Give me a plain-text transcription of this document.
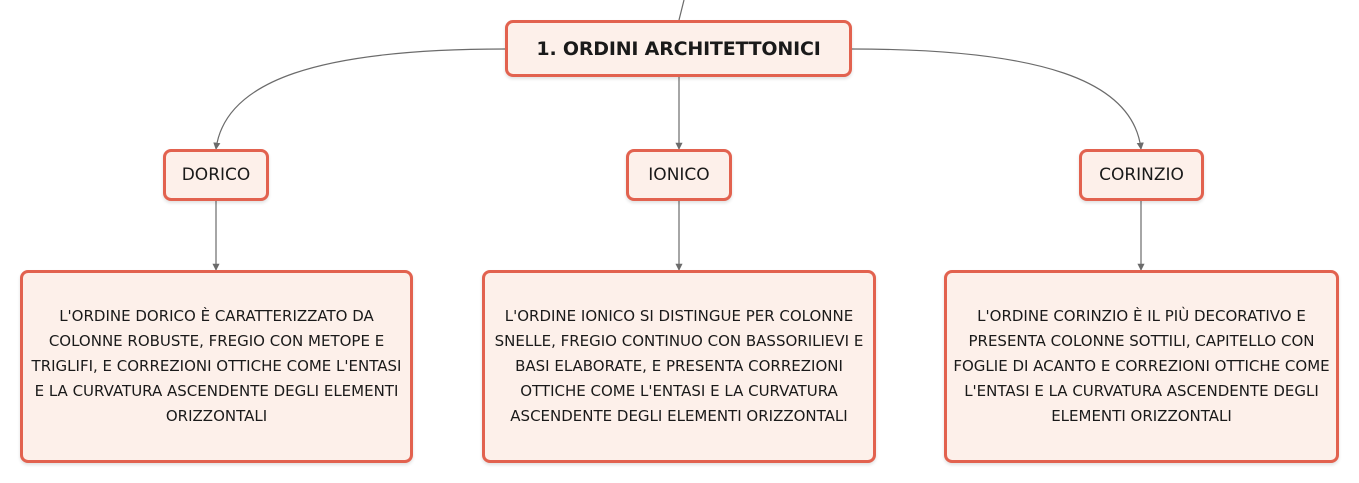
1. ORDINI ARCHITETTONICI
DORICO	IONICO	CORINZIO
L'ORDINE DORICO È CARATTERIZZATO DA COLONNE ROBUSTE, FREGIO CON METOPE E TRIGLIFI, E CORREZIONI OTTICHE COME L'ENTASI E LA CURVATURA ASCENDENTE DEGLI ELEMENTI ORIZZONTALI
L'ORDINE IONICO SI DISTINGUE PER COLONNE SNELLE, FREGIO CONTINUO CON BASSORILIEVI E BASI ELABORATE, E PRESENTA CORREZIONI OTTICHE COME L'ENTASI E LA CURVATURA ASCENDENTE DEGLI ELEMENTI ORIZZONTALI
L'ORDINE CORINZIO È IL PIÙ DECORATIVO E PRESENTA COLONNE SOTTILI, CAPITELLO CON FOGLIE DI ACANTO E CORREZIONI OTTICHE COME L'ENTASI E LA CURVATURA ASCENDENTE DEGLI ELEMENTI ORIZZONTALI
